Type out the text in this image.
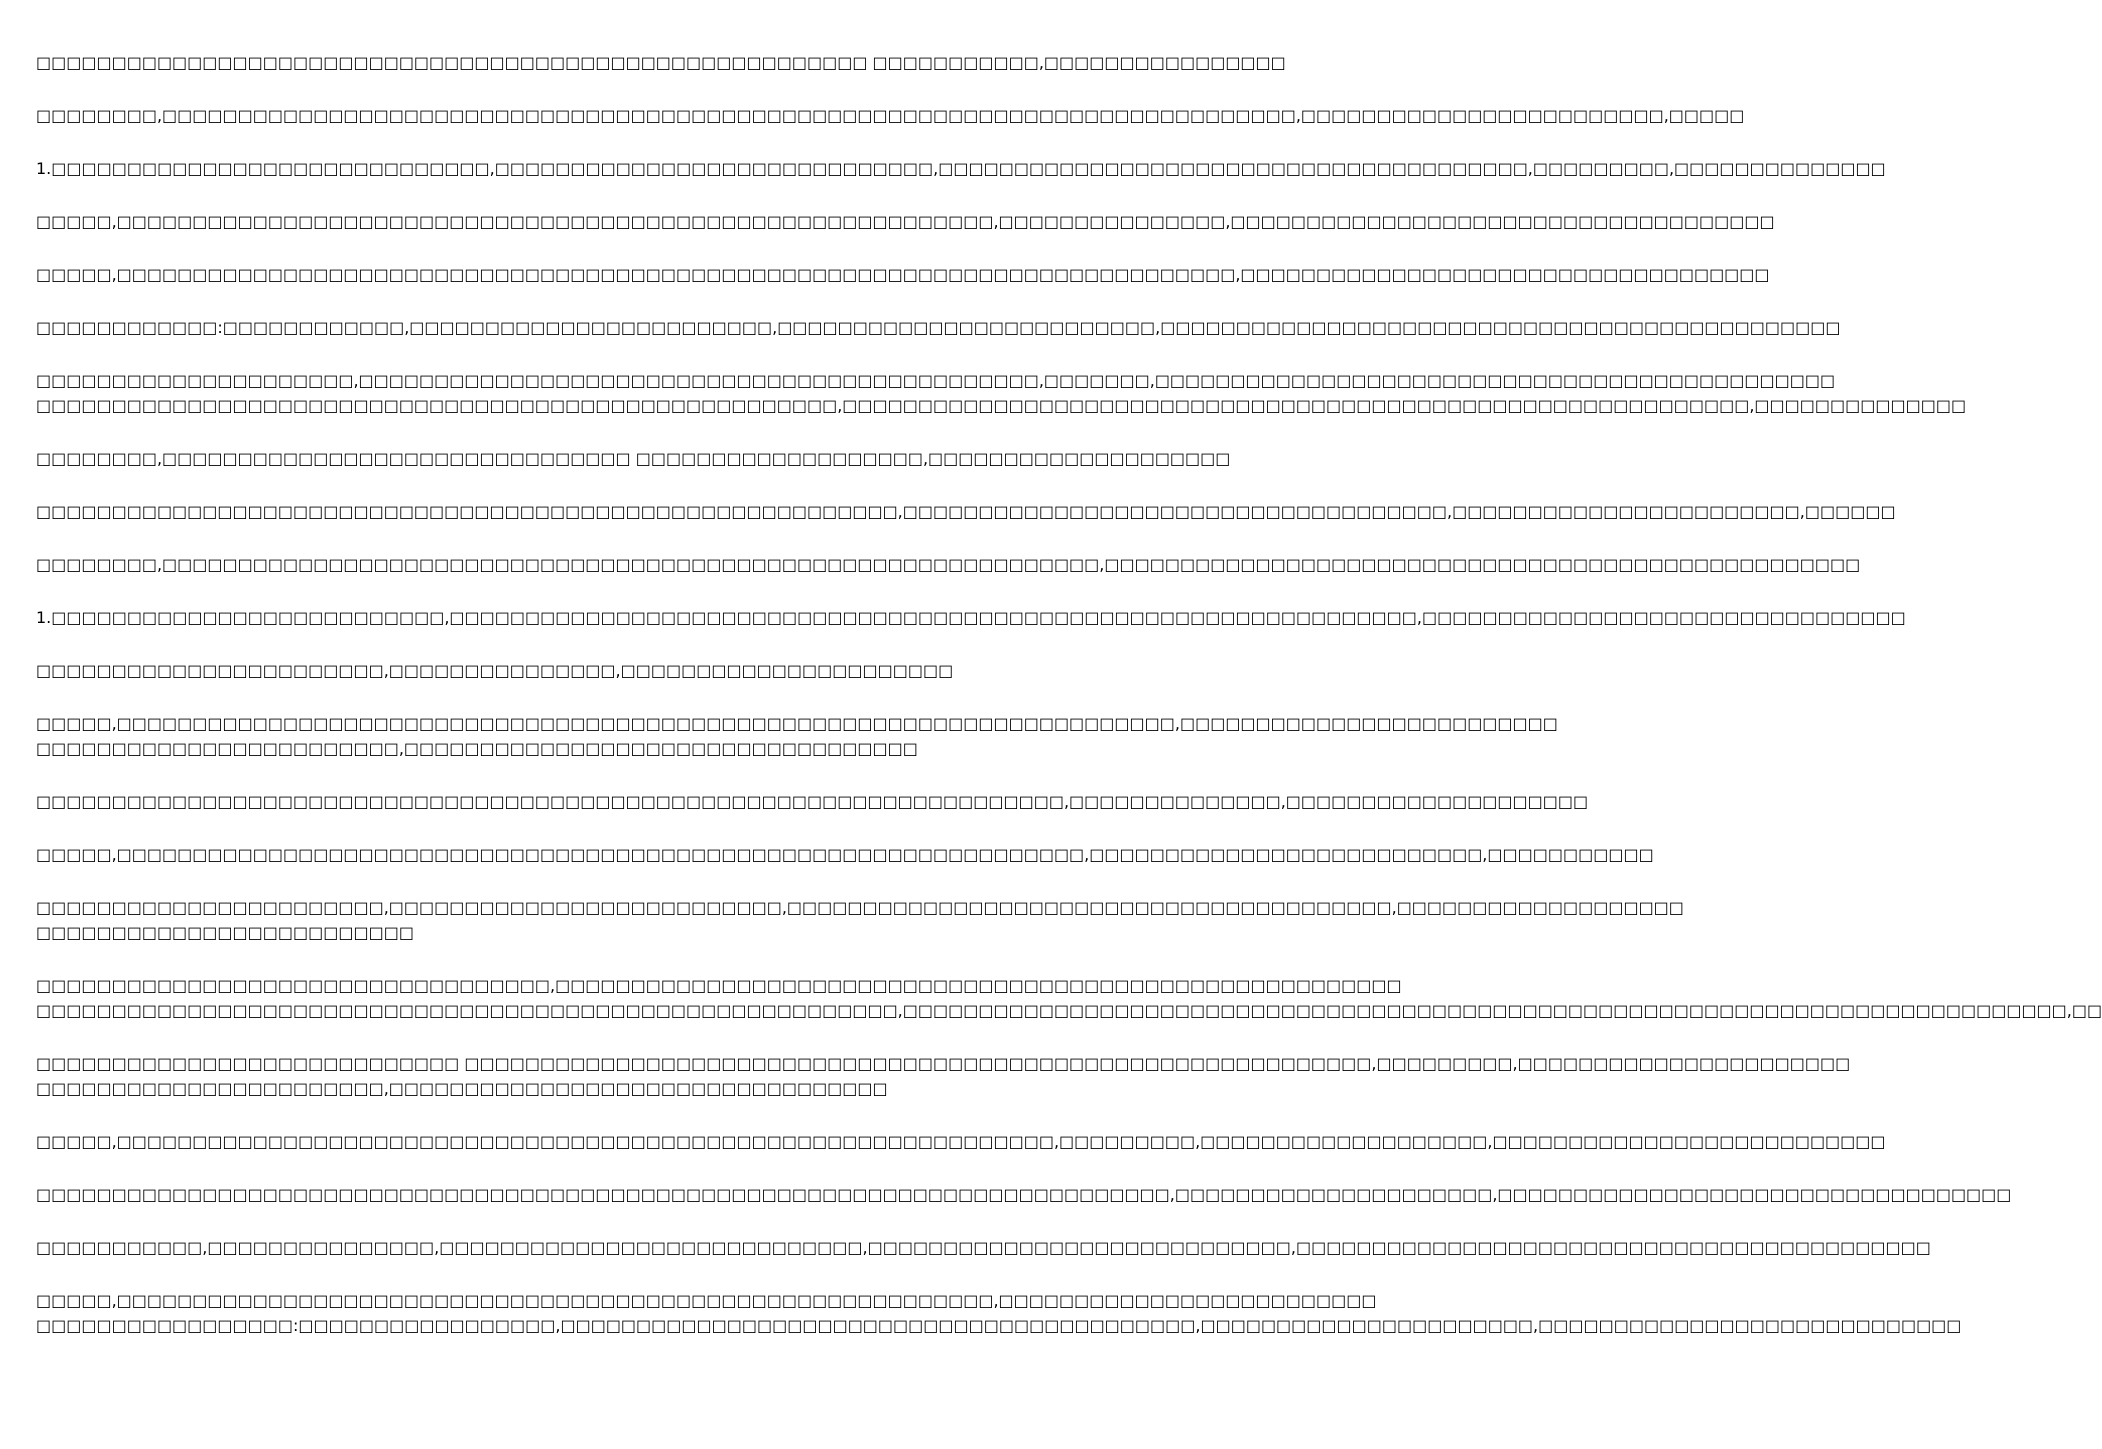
□□□□□□□□□□□□□□□□□□□□□□□□□□□□□□□□□□□□□□□□□□□□□□□□□□□□□□□ □□□□□□□□□□□,□□□□□□□□□□□□□□□□
□□□□□□□□,□□□□□□□□□□□□□□□□□□□□□□□□□□□□□□□□□□□□□□□□□□□□□□□□□□□□□□□□□□□□□□□□□□□□□□□□□□□,□□□□□□□□□□□□□□□□□□□□□□□□,□□□□□
1.□□□□□□□□□□□□□□□□□□□□□□□□□□□□□,□□□□□□□□□□□□□□□□□□□□□□□□□□□□□,□□□□□□□□□□□□□□□□□□□□□□□□□□□□□□□□□□□□□□□,□□□□□□□□□,□□□□□□□□□□□□□□
□□□□□,□□□□□□□□□□□□□□□□□□□□□□□□□□□□□□□□□□□□□□□□□□□□□□□□□□□□□□□□□□,□□□□□□□□□□□□□□□,□□□□□□□□□□□□□□□□□□□□□□□□□□□□□□□□□□□□
□□□□□,□□□□□□□□□□□□□□□□□□□□□□□□□□□□□□□□□□□□□□□□□□□□□□□□□□□□□□□□□□□□□□□□□□□□□□□□□□,□□□□□□□□□□□□□□□□□□□□□□□□□□□□□□□□□□□
□□□□□□□□□□□□:□□□□□□□□□□□□,□□□□□□□□□□□□□□□□□□□□□□□□,□□□□□□□□□□□□□□□□□□□□□□□□□,□□□□□□□□□□□□□□□□□□□□□□□□□□□□□□□□□□□□□□□□□□□□□
□□□□□□□□□□□□□□□□□□□□□,□□□□□□□□□□□□□□□□□□□□□□□□□□□□□□□□□□□□□□□□□□□□□,□□□□□□□,□□□□□□□□□□□□□□□□□□□□□□□□□□□□□□□□□□□□□□□□□□□□□
□□□□□□□□□□□□□□□□□□□□□□□□□□□□□□□□□□□□□□□□□□□□□□□□□□□□□,□□□□□□□□□□□□□□□□□□□□□□□□□□□□□□□□□□□□□□□□□□□□□□□□□□□□□□□□□□□□,□□□□□□□□□□□□□□
□□□□□□□□,□□□□□□□□□□□□□□□□□□□□□□□□□□□□□□□ □□□□□□□□□□□□□□□□□□□,□□□□□□□□□□□□□□□□□□□□
□□□□□□□□□□□□□□□□□□□□□□□□□□□□□□□□□□□□□□□□□□□□□□□□□□□□□□□□□,□□□□□□□□□□□□□□□□□□□□□□□□□□□□□□□□□□□□,□□□□□□□□□□□□□□□□□□□□□□□,□□□□□□
□□□□□□□□,□□□□□□□□□□□□□□□□□□□□□□□□□□□□□□□□□□□□□□□□□□□□□□□□□□□□□□□□□□□□□□,□□□□□□□□□□□□□□□□□□□□□□□□□□□□□□□□□□□□□□□□□□□□□□□□□□
1.□□□□□□□□□□□□□□□□□□□□□□□□□□,□□□□□□□□□□□□□□□□□□□□□□□□□□□□□□□□□□□□□□□□□□□□□□□□□□□□□□□□□□□□□□□□,□□□□□□□□□□□□□□□□□□□□□□□□□□□□□□□□
□□□□□□□□□□□□□□□□□□□□□□□,□□□□□□□□□□□□□□□,□□□□□□□□□□□□□□□□□□□□□□
□□□□□,□□□□□□□□□□□□□□□□□□□□□□□□□□□□□□□□□□□□□□□□□□□□□□□□□□□□□□□□□□□□□□□□□□□□□□,□□□□□□□□□□□□□□□□□□□□□□□□□
□□□□□□□□□□□□□□□□□□□□□□□□,□□□□□□□□□□□□□□□□□□□□□□□□□□□□□□□□□□
□□□□□□□□□□□□□□□□□□□□□□□□□□□□□□□□□□□□□□□□□□□□□□□□□□□□□□□□□□□□□□□□□□□□,□□□□□□□□□□□□□□,□□□□□□□□□□□□□□□□□□□□
□□□□□,□□□□□□□□□□□□□□□□□□□□□□□□□□□□□□□□□□□□□□□□□□□□□□□□□□□□□□□□□□□□□□□□,□□□□□□□□□□□□□□□□□□□□□□□□□□,□□□□□□□□□□□
□□□□□□□□□□□□□□□□□□□□□□□,□□□□□□□□□□□□□□□□□□□□□□□□□□,□□□□□□□□□□□□□□□□□□□□□□□□□□□□□□□□□□□□□□□□,□□□□□□□□□□□□□□□□□□□
□□□□□□□□□□□□□□□□□□□□□□□□□
□□□□□□□□□□□□□□□□□□□□□□□□□□□□□□□□□□,□□□□□□□□□□□□□□□□□□□□□□□□□□□□□□□□□□□□□□□□□□□□□□□□□□□□□□□□
□□□□□□□□□□□□□□□□□□□□□□□□□□□□□□□□□□□□□□□□□□□□□□□□□□□□□□□□□,□□□□□□□□□□□□□□□□□□□□□□□□□□□□□□□□□□□□□□□□□□□□□□□□□□□□□□□□□□□□□□□□□□□□□□□□□□□□□,□□
□□□□□□□□□□□□□□□□□□□□□□□□□□□□ □□□□□□□□□□□□□□□□□□□□□□□□□□□□□□□□□□□□□□□□□□□□□□□□□□□□□□□□□□□□,□□□□□□□□□,□□□□□□□□□□□□□□□□□□□□□□
□□□□□□□□□□□□□□□□□□□□□□□,□□□□□□□□□□□□□□□□□□□□□□□□□□□□□□□□□
□□□□□,□□□□□□□□□□□□□□□□□□□□□□□□□□□□□□□□□□□□□□□□□□□□□□□□□□□□□□□□□□□□□□,□□□□□□□□□,□□□□□□□□□□□□□□□□□□□,□□□□□□□□□□□□□□□□□□□□□□□□□□
□□□□□□□□□□□□□□□□□□□□□□□□□□□□□□□□□□□□□□□□□□□□□□□□□□□□□□□□□□□□□□□□□□□□□□□□□□□,□□□□□□□□□□□□□□□□□□□□□,□□□□□□□□□□□□□□□□□□□□□□□□□□□□□□□□□□
□□□□□□□□□□□,□□□□□□□□□□□□□□□,□□□□□□□□□□□□□□□□□□□□□□□□□□□□,□□□□□□□□□□□□□□□□□□□□□□□□□□□□,□□□□□□□□□□□□□□□□□□□□□□□□□□□□□□□□□□□□□□□□□□
□□□□□,□□□□□□□□□□□□□□□□□□□□□□□□□□□□□□□□□□□□□□□□□□□□□□□□□□□□□□□□□□,□□□□□□□□□□□□□□□□□□□□□□□□□
□□□□□□□□□□□□□□□□□:□□□□□□□□□□□□□□□□□,□□□□□□□□□□□□□□□□□□□□□□□□□□□□□□□□□□□□□□□□□□,□□□□□□□□□□□□□□□□□□□□□□,□□□□□□□□□□□□□□□□□□□□□□□□□□□□
